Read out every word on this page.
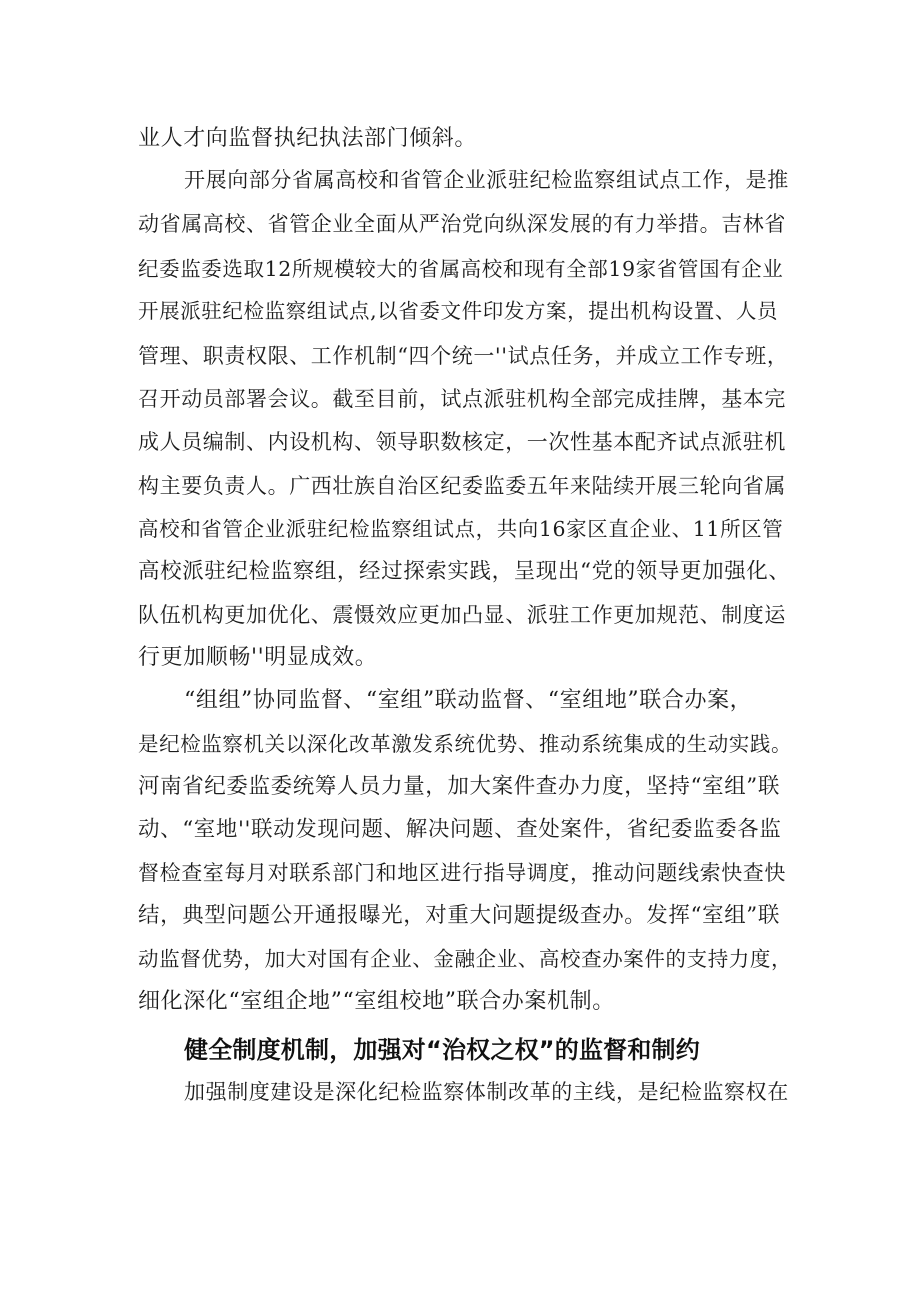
业人才向监督执纪执法部门倾斜。
开展向部分省属高校和省管企业派驻纪检监察组试点工作，是推
动省属高校、省管企业全面从严治党向纵深发展的有力举措。吉林省
纪委监委选取12所规模较大的省属高校和现有全部19家省管国有企业
开展派驻纪检监察组试点,以省委文件印发方案，提出机构设置、人员
管理、职责权限、工作机制“四个统一''试点任务，并成立工作专班，
召开动员部署会议。截至目前，试点派驻机构全部完成挂牌，基本完
成人员编制、内设机构、领导职数核定，一次性基本配齐试点派驻机
构主要负责人。广西壮族自治区纪委监委五年来陆续开展三轮向省属
高校和省管企业派驻纪检监察组试点，共向16家区直企业、11所区管
高校派驻纪检监察组，经过探索实践，呈现出“党的领导更加强化、
队伍机构更加优化、震慑效应更加凸显、派驻工作更加规范、制度运
行更加顺畅''明显成效。
“组组”协同监督、“室组”联动监督、“室组地”联合办案，
是纪检监察机关以深化改革激发系统优势、推动系统集成的生动实践。
河南省纪委监委统筹人员力量，加大案件查办力度，坚持“室组”联
动、“室地''联动发现问题、解决问题、查处案件，省纪委监委各监
督检查室每月对联系部门和地区进行指导调度，推动问题线索快查快
结，典型问题公开通报曝光，对重大问题提级查办。发挥“室组”联
动监督优势，加大对国有企业、金融企业、高校查办案件的支持力度，
细化深化“室组企地”“室组校地”联合办案机制。
健全制度机制，加强对“治权之权”的监督和制约
加强制度建设是深化纪检监察体制改革的主线，是纪检监察权在
